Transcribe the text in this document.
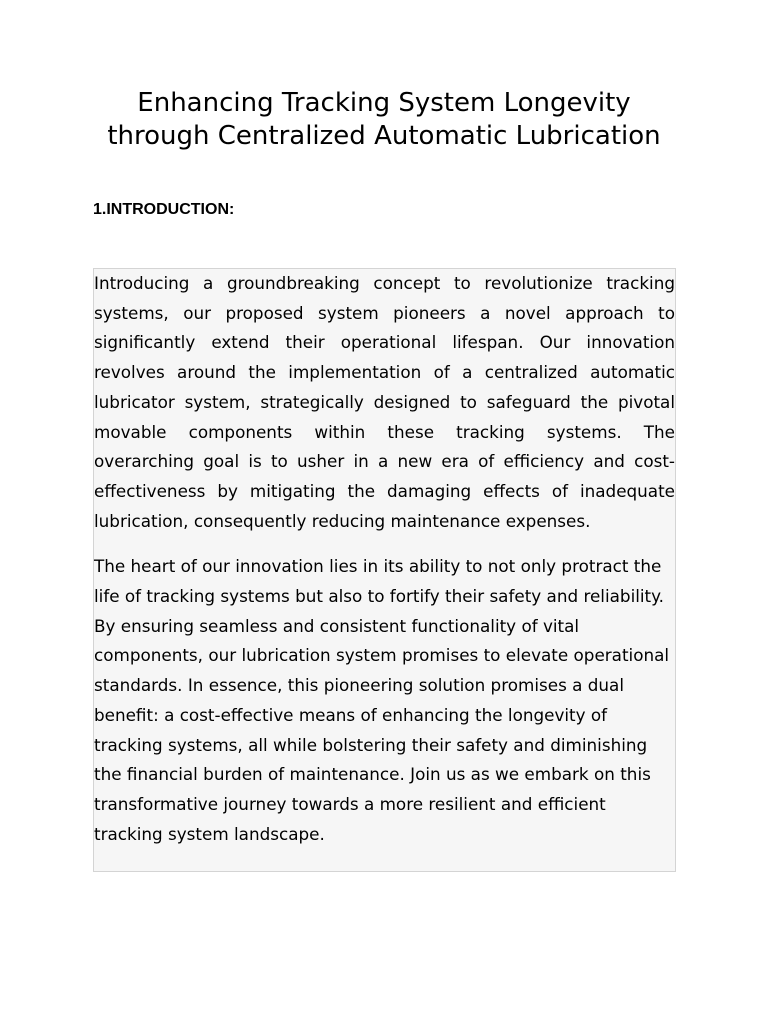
Enhancing Tracking System Longevity through Centralized Automatic Lubrication
1.INTRODUCTION:

Introducing a groundbreaking concept to revolutionize tracking systems, our proposed system pioneers a novel approach to significantly extend their operational lifespan. Our innovation revolves around the implementation of a centralized automatic lubricator system, strategically designed to safeguard the pivotal movable components within these tracking systems. The overarching goal is to usher in a new era of efficiency and cost-effectiveness by mitigating the damaging effects of inadequate lubrication, consequently reducing maintenance expenses.

The heart of our innovation lies in its ability to not only protract the life of tracking systems but also to fortify their safety and reliability. By ensuring seamless and consistent functionality of vital components, our lubrication system promises to elevate operational standards. In essence, this pioneering solution promises a dual benefit: a cost-effective means of enhancing the longevity of tracking systems, all while bolstering their safety and diminishing the financial burden of maintenance. Join us as we embark on this transformative journey towards a more resilient and efficient tracking system landscape.
